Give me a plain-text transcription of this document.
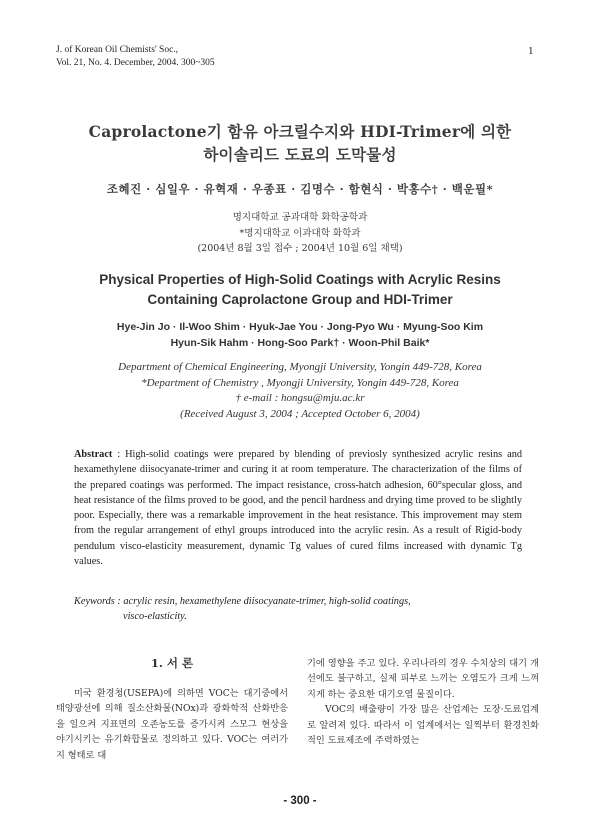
J. of Korean Oil Chemists' Soc.,
Vol. 21, No. 4. December, 2004. 300~305
1
Caprolactone기 함유 아크릴수지와 HDI-Trimer에 의한
하이솔리드 도료의 도막물성
조혜진 · 심일우 · 유혁재 · 우종표 · 김명수 · 함현식 · 박홍수† · 백운필*
명지대학교 공과대학 화학공학과
*명지대학교 이과대학 화학과
(2004년 8월 3일 접수 ; 2004년 10월 6일 채택)
Physical Properties of High-Solid Coatings with Acrylic Resins
Containing Caprolactone Group and HDI-Trimer
Hye-Jin Jo · Il-Woo Shim · Hyuk-Jae You · Jong-Pyo Wu · Myung-Soo Kim
Hyun-Sik Hahm · Hong-Soo Park† · Woon-Phil Baik*
Department of Chemical Engineering, Myongji University, Yongin 449-728, Korea
*Department of Chemistry , Myongji University, Yongin 449-728, Korea
† e-mail : hongsu@mju.ac.kr
(Received August 3, 2004 ; Accepted October 6, 2004)
Abstract : High-solid coatings were prepared by blending of previosly synthesized acrylic resins and hexamethylene diisocyanate-trimer and curing it at room temperature. The characterization of the films of the prepared coatings was performed. The impact resistance, cross-hatch adhesion, 60°specular gloss, and heat resistance of the films proved to be good, and the pencil hardness and drying time proved to be slightly poor. Especially, there was a remarkable improvement in the heat resistance. This improvement may stem from the regular arrangement of ethyl groups introduced into the acrylic resin. As a result of Rigid-body pendulum visco-elasticity measurement, dynamic Tg values of cured films increased with dynamic Tg values.
Keywords : acrylic resin, hexamethylene diisocyanate-trimer, high-solid coatings,
visco-elasticity.
1. 서 론
미국 환경청(USEPA)에 의하면 VOC는 대기중에서 태양광선에 의해 질소산화물(NOx)과 광화학적 산화반응을 일으켜 지표면의 오존농도를 증가시켜 스모그 현상을 야기시키는 유기화합물로 정의하고 있다. VOC는 여러가지 형태로 대
기에 영향을 주고 있다. 우리나라의 경우 수치상의 대기 개선에도 불구하고, 실제 피부로 느끼는 오염도가 크게 느껴지게 하는 중요한 대기오염 물질이다.
VOC의 배출량이 가장 많은 산업계는 도장·도료업계로 알려져 있다. 따라서 이 업계에서는 일찍부터 환경친화적인 도료제조에 주력하였는
- 300 -
